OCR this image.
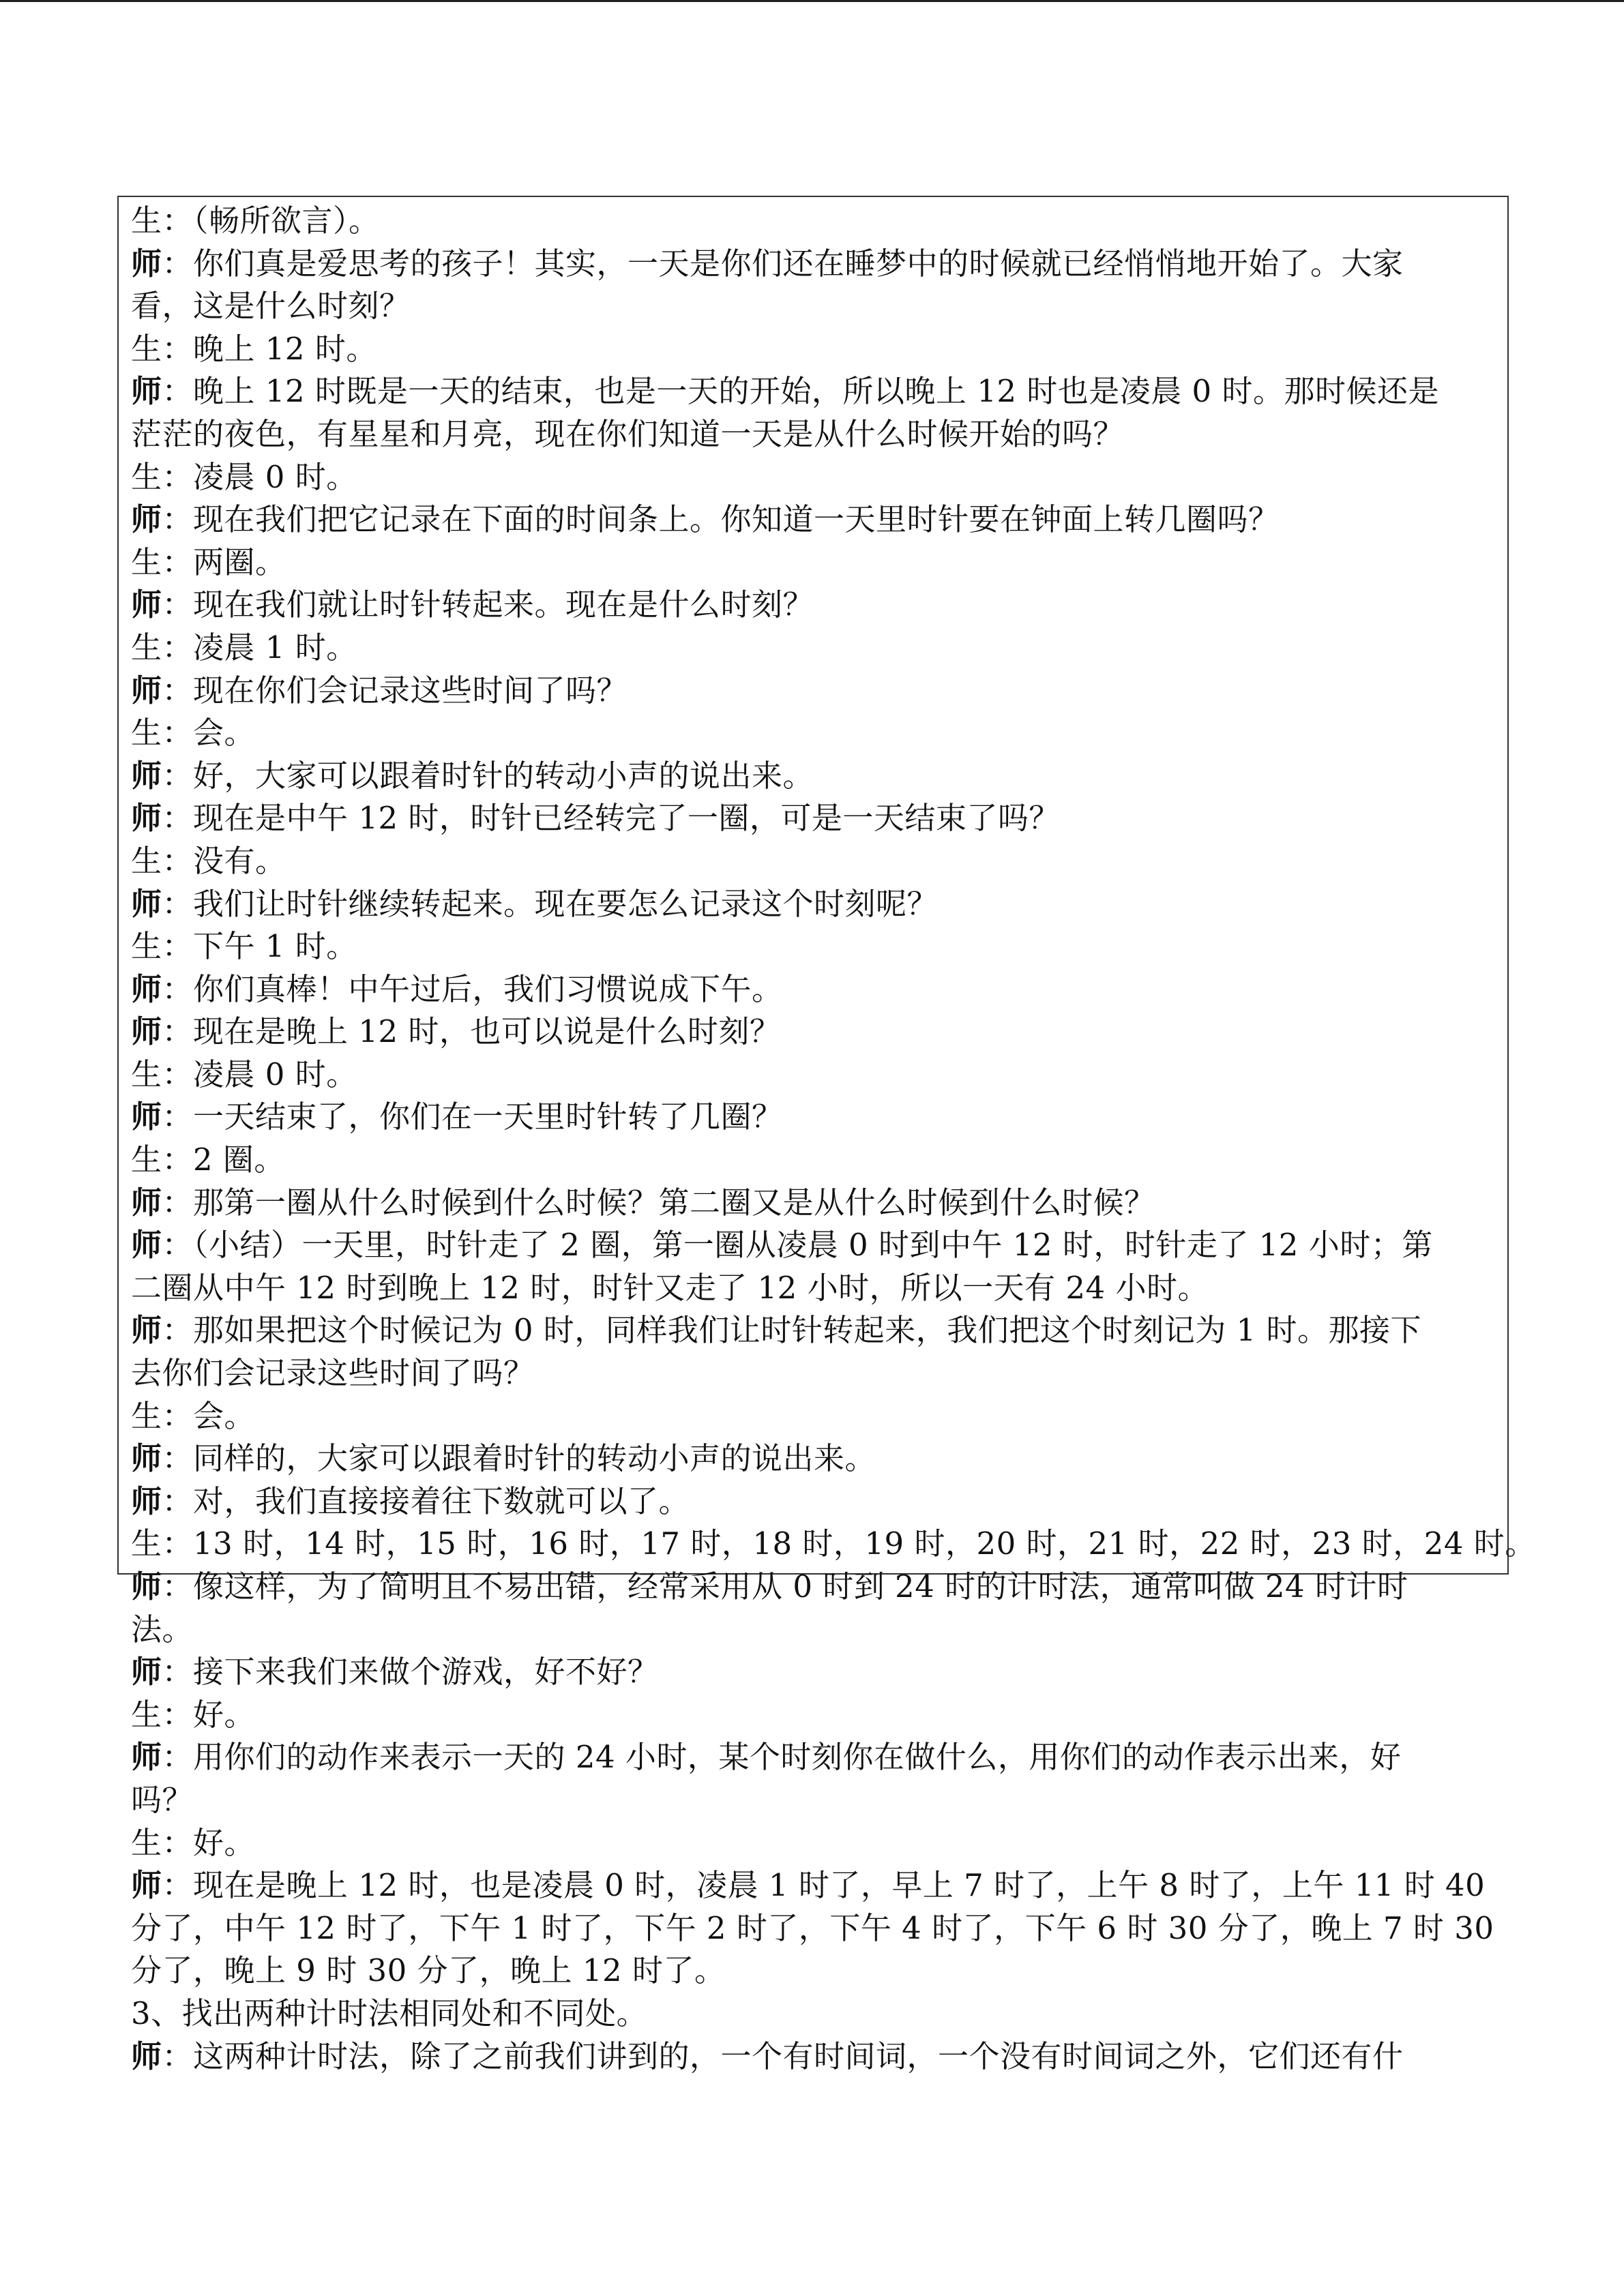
生：（畅所欲言）。
师：你们真是爱思考的孩子！其实，一天是你们还在睡梦中的时候就已经悄悄地开始了。大家
看，这是什么时刻？
生：晚上 12 时。
师：晚上 12 时既是一天的结束，也是一天的开始，所以晚上 12 时也是凌晨 0 时。那时候还是
茫茫的夜色，有星星和月亮，现在你们知道一天是从什么时候开始的吗？
生：凌晨 0 时。
师：现在我们把它记录在下面的时间条上。你知道一天里时针要在钟面上转几圈吗？
生：两圈。
师：现在我们就让时针转起来。现在是什么时刻？
生：凌晨 1 时。
师：现在你们会记录这些时间了吗？
生：会。
师：好，大家可以跟着时针的转动小声的说出来。
师：现在是中午 12 时，时针已经转完了一圈，可是一天结束了吗？
生：没有。
师：我们让时针继续转起来。现在要怎么记录这个时刻呢？
生：下午 1 时。
师：你们真棒！中午过后，我们习惯说成下午。
师：现在是晚上 12 时，也可以说是什么时刻？
生：凌晨 0 时。
师：一天结束了，你们在一天里时针转了几圈？
生：2 圈。
师：那第一圈从什么时候到什么时候？第二圈又是从什么时候到什么时候？
师：（小结）一天里，时针走了 2 圈，第一圈从凌晨 0 时到中午 12 时，时针走了 12 小时；第
二圈从中午 12 时到晚上 12 时，时针又走了 12 小时，所以一天有 24 小时。
师：那如果把这个时候记为 0 时，同样我们让时针转起来，我们把这个时刻记为 1 时。那接下
去你们会记录这些时间了吗？
生：会。
师：同样的，大家可以跟着时针的转动小声的说出来。
师：对，我们直接接着往下数就可以了。
生：13 时，14 时，15 时，16 时，17 时，18 时，19 时，20 时，21 时，22 时，23 时，24 时。
师：像这样，为了简明且不易出错，经常采用从 0 时到 24 时的计时法，通常叫做 24 时计时
法。
师：接下来我们来做个游戏，好不好？
生：好。
师：用你们的动作来表示一天的 24 小时，某个时刻你在做什么，用你们的动作表示出来，好
吗？
生：好。
师：现在是晚上 12 时，也是凌晨 0 时，凌晨 1 时了，早上 7 时了，上午 8 时了，上午 11 时 40
分了，中午 12 时了，下午 1 时了，下午 2 时了，下午 4 时了，下午 6 时 30 分了，晚上 7 时 30
分了，晚上 9 时 30 分了，晚上 12 时了。
3、找出两种计时法相同处和不同处。
师：这两种计时法，除了之前我们讲到的，一个有时间词，一个没有时间词之外，它们还有什
